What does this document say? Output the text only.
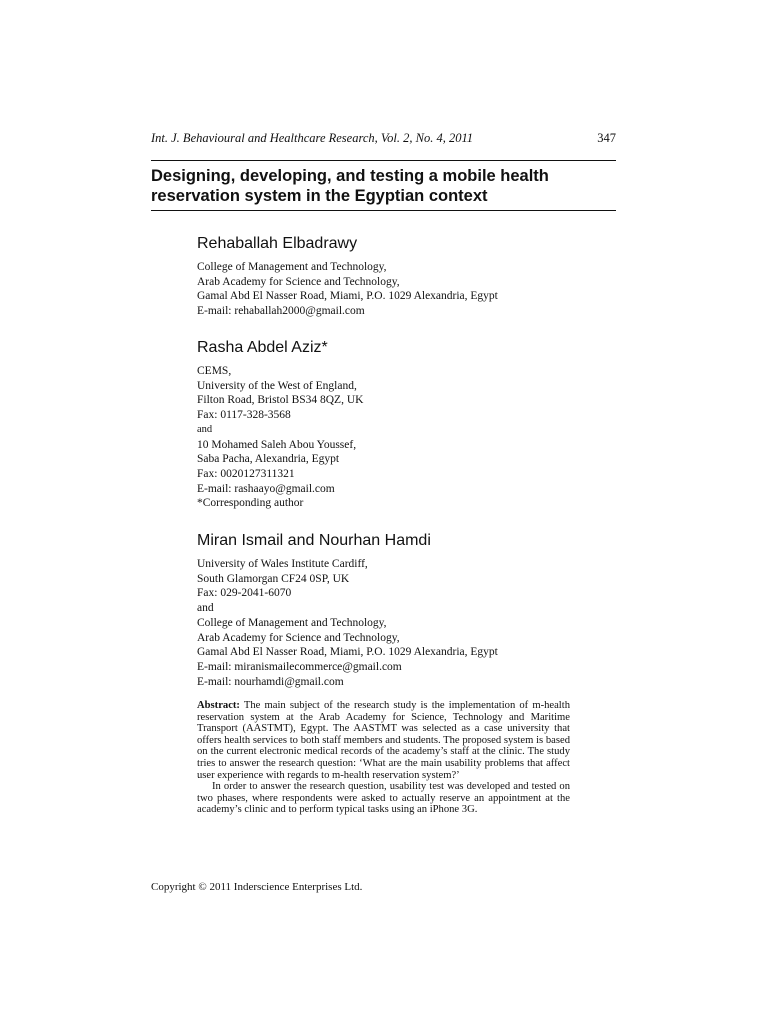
Int. J. Behavioural and Healthcare Research, Vol. 2, No. 4, 2011	347
Designing, developing, and testing a mobile health
reservation system in the Egyptian context
Rehaballah Elbadrawy
College of Management and Technology,
Arab Academy for Science and Technology,
Gamal Abd El Nasser Road, Miami, P.O. 1029 Alexandria, Egypt
E-mail: rehaballah2000@gmail.com
Rasha Abdel Aziz*
CEMS,
University of the West of England,
Filton Road, Bristol BS34 8QZ, UK
Fax: 0117-328-3568
and
10 Mohamed Saleh Abou Youssef,
Saba Pacha, Alexandria, Egypt
Fax: 0020127311321
E-mail: rashaayo@gmail.com
*Corresponding author
Miran Ismail and Nourhan Hamdi
University of Wales Institute Cardiff,
South Glamorgan CF24 0SP, UK
Fax: 029-2041-6070
and
College of Management and Technology,
Arab Academy for Science and Technology,
Gamal Abd El Nasser Road, Miami, P.O. 1029 Alexandria, Egypt
E-mail: miranismailecommerce@gmail.com
E-mail: nourhamdi@gmail.com

Abstract: The main subject of the research study is the implementation of m-health reservation system at the Arab Academy for Science, Technology and Maritime Transport (AASTMT), Egypt. The AASTMT was selected as a case university that offers health services to both staff members and students. The proposed system is based on the current electronic medical records of the academy’s staff at the clinic. The study tries to answer the research question: ‘What are the main usability problems that affect user experience with regards to m-health reservation system?’

In order to answer the research question, usability test was developed and tested on two phases, where respondents were asked to actually reserve an appointment at the academy’s clinic and to perform typical tasks using an iPhone 3G.

Copyright © 2011 Inderscience Enterprises Ltd.
